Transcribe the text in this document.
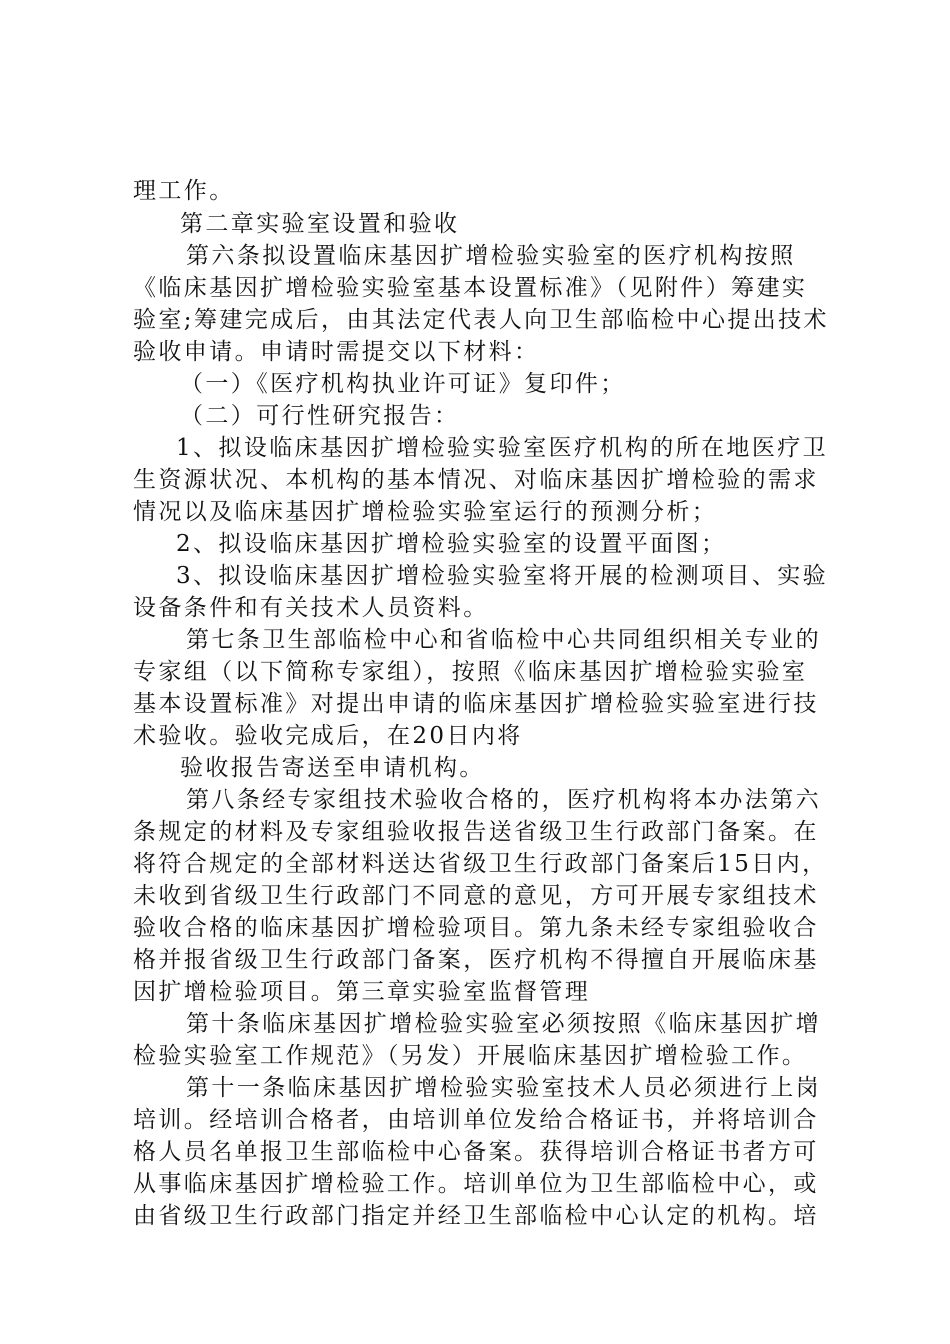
理工作。
第二章实验室设置和验收
第六条拟设置临床基因扩增检验实验室的医疗机构按照
《临床基因扩增检验实验室基本设置标准》（见附件）筹建实
验室;筹建完成后，由其法定代表人向卫生部临检中心提出技术
验收申请。申请时需提交以下材料：
（一）《医疗机构执业许可证》复印件；
（二）可行性研究报告：
1、拟设临床基因扩增检验实验室医疗机构的所在地医疗卫
生资源状况、本机构的基本情况、对临床基因扩增检验的需求
情况以及临床基因扩增检验实验室运行的预测分析；
2、拟设临床基因扩增检验实验室的设置平面图；
3、拟设临床基因扩增检验实验室将开展的检测项目、实验
设备条件和有关技术人员资料。
第七条卫生部临检中心和省临检中心共同组织相关专业的
专家组（以下简称专家组），按照《临床基因扩增检验实验室
基本设置标准》对提出申请的临床基因扩增检验实验室进行技
术验收。验收完成后，在20日内将
验收报告寄送至申请机构。
第八条经专家组技术验收合格的，医疗机构将本办法第六
条规定的材料及专家组验收报告送省级卫生行政部门备案。在
将符合规定的全部材料送达省级卫生行政部门备案后15日内，
未收到省级卫生行政部门不同意的意见，方可开展专家组技术
验收合格的临床基因扩增检验项目。第九条未经专家组验收合
格并报省级卫生行政部门备案，医疗机构不得擅自开展临床基
因扩增检验项目。第三章实验室监督管理
第十条临床基因扩增检验实验室必须按照《临床基因扩增
检验实验室工作规范》（另发）开展临床基因扩增检验工作。
第十一条临床基因扩增检验实验室技术人员必须进行上岗
培训。经培训合格者，由培训单位发给合格证书，并将培训合
格人员名单报卫生部临检中心备案。获得培训合格证书者方可
从事临床基因扩增检验工作。培训单位为卫生部临检中心，或
由省级卫生行政部门指定并经卫生部临检中心认定的机构。培
